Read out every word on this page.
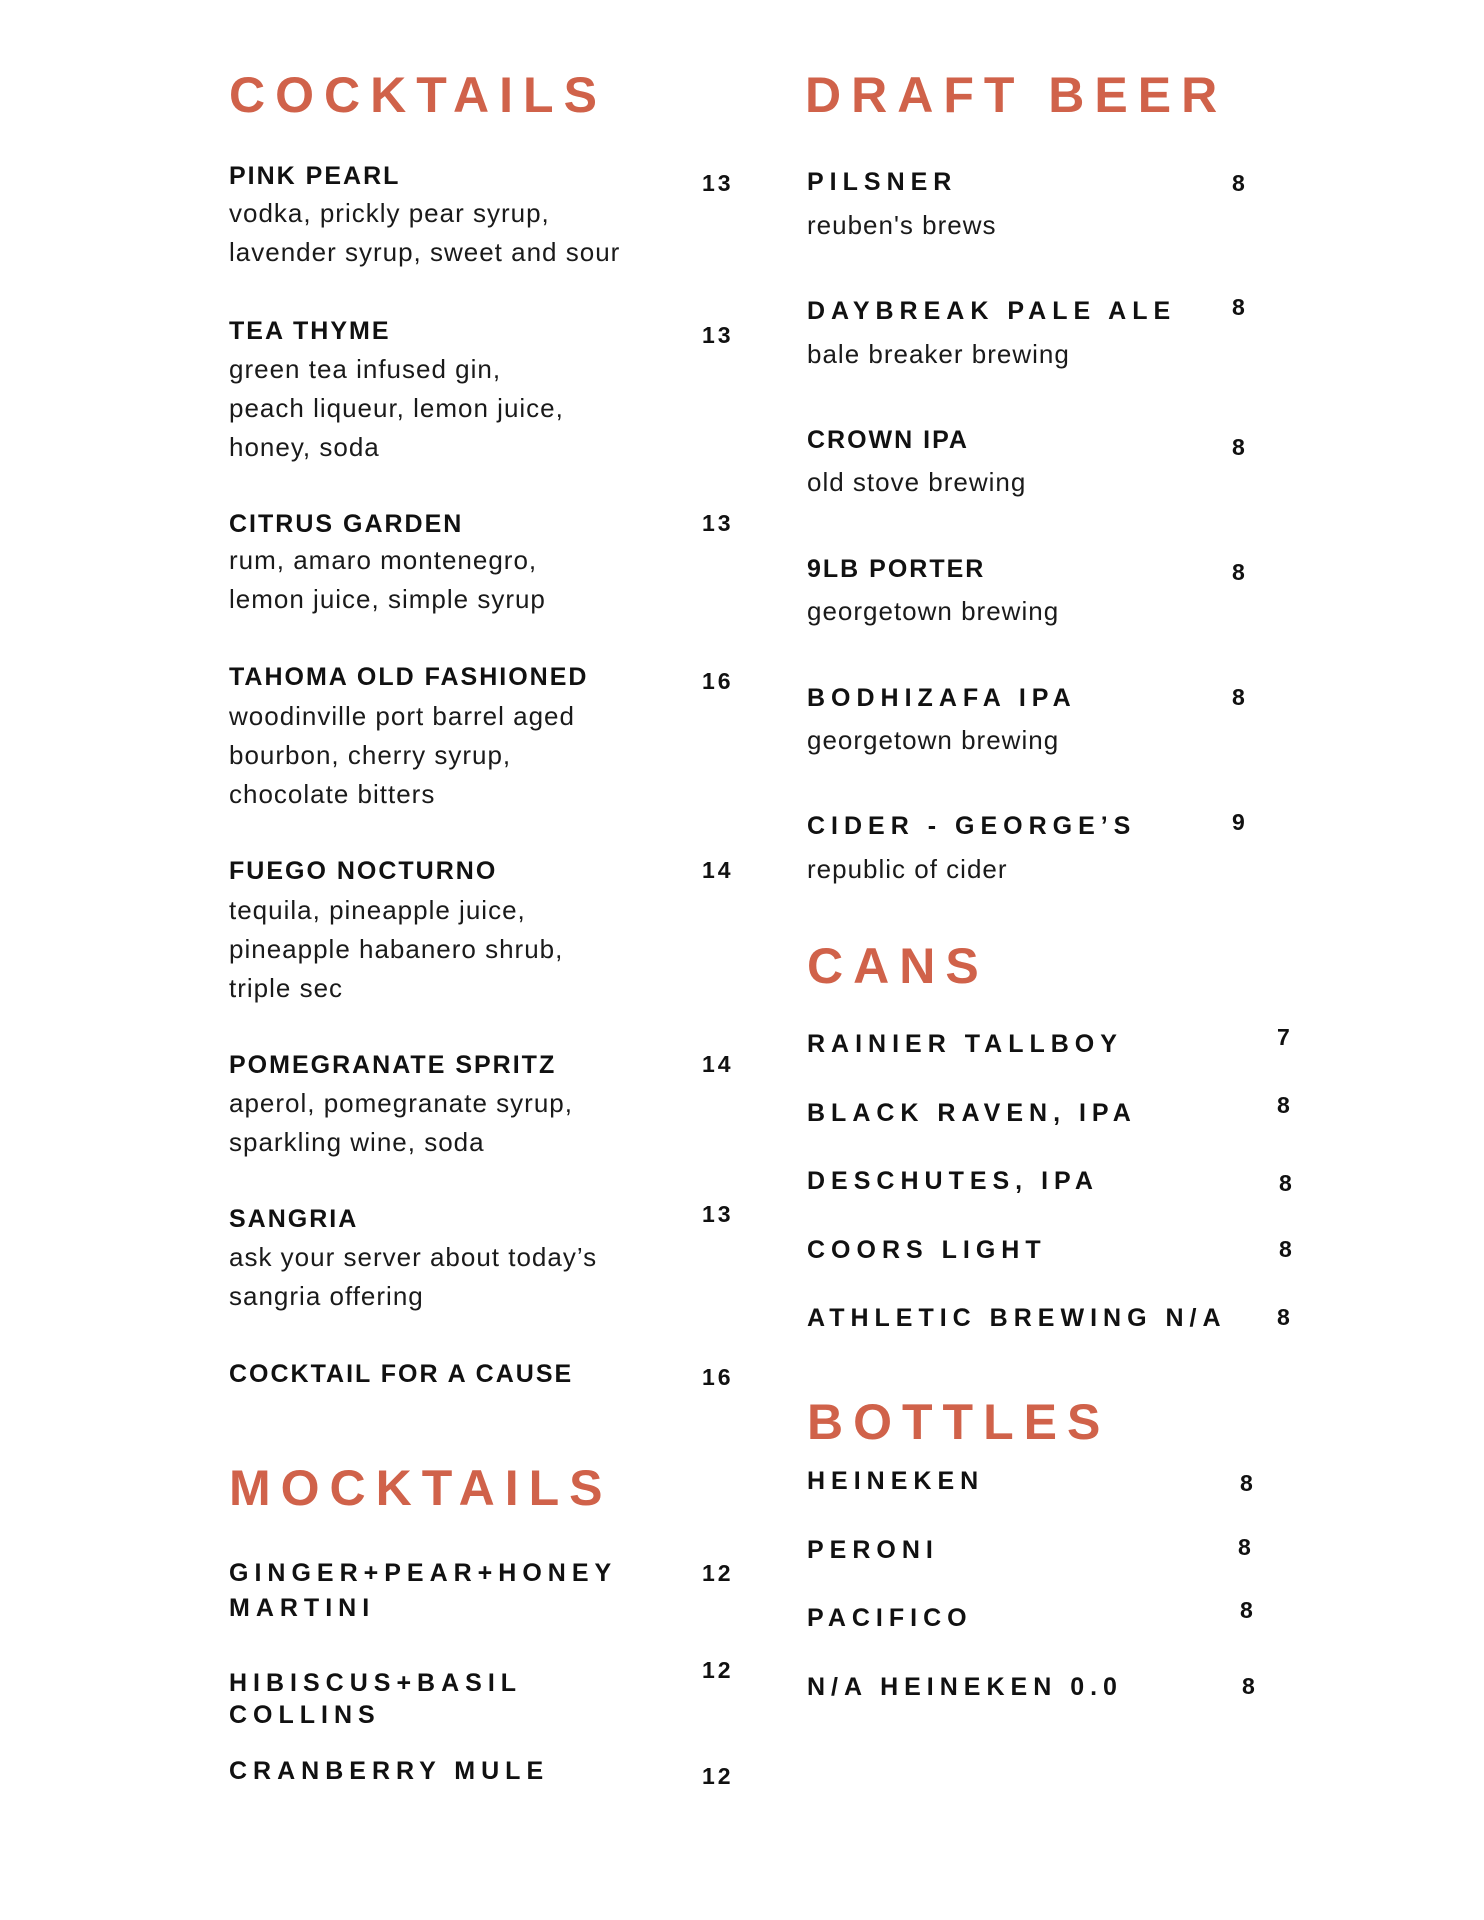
COCKTAILS
PINK PEARL	13
vodka, prickly pear syrup,
lavender syrup, sweet and sour
TEA THYME	13
green tea infused gin,
peach liqueur, lemon juice,
honey, soda
CITRUS GARDEN	13
rum, amaro montenegro,
lemon juice, simple syrup
TAHOMA OLD FASHIONED	16
woodinville port barrel aged
bourbon, cherry syrup,
chocolate bitters
FUEGO NOCTURNO	14
tequila, pineapple juice,
pineapple habanero shrub,
triple sec
POMEGRANATE SPRITZ	14
aperol, pomegranate syrup,
sparkling wine, soda
SANGRIA	13
ask your server about today’s
sangria offering
COCKTAIL FOR A CAUSE	16
MOCKTAILS
GINGER+PEAR+HONEY
MARTINI
12
HIBISCUS+BASIL
COLLINS
12
CRANBERRY MULE	12
DRAFT BEER
PILSNER	8
reuben's brews
DAYBREAK PALE ALE 8
bale breaker brewing
CROWN IPA	8
old stove brewing
9LB PORTER	8
georgetown brewing
BODHIZAFA IPA	8
georgetown brewing
CIDER - GEORGE’S	9
republic of cider
CANS
RAINIER TALLBOY	7
BLACK RAVEN, IPA	8
DESCHUTES, IPA	8
COORS LIGHT	8
ATHLETIC BREWING N/A 8
BOTTLES
HEINEKEN	8
PERONI	8
PACIFICO	8
N/A HEINEKEN 0.0	8
